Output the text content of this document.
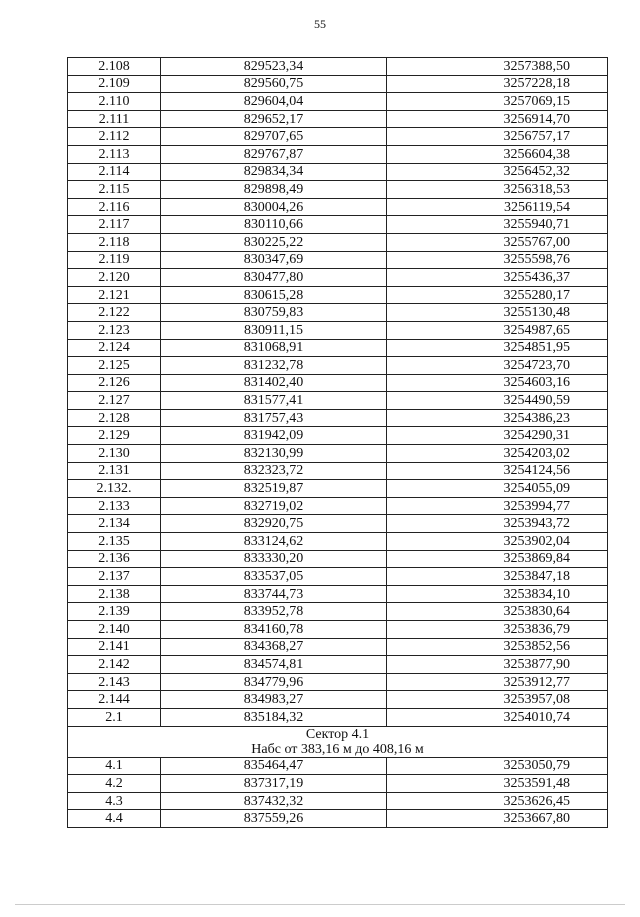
55
2.108	829523,34	3257388,50
2.109	829560,75	3257228,18
2.110	829604,04	3257069,15
2.111	829652,17	3256914,70
2.112	829707,65	3256757,17
2.113	829767,87	3256604,38
2.114	829834,34	3256452,32
2.115	829898,49	3256318,53
2.116	830004,26	3256119,54
2.117	830110,66	3255940,71
2.118	830225,22	3255767,00
2.119	830347,69	3255598,76
2.120	830477,80	3255436,37
2.121	830615,28	3255280,17
2.122	830759,83	3255130,48
2.123	830911,15	3254987,65
2.124	831068,91	3254851,95
2.125	831232,78	3254723,70
2.126	831402,40	3254603,16
2.127	831577,41	3254490,59
2.128	831757,43	3254386,23
2.129	831942,09	3254290,31
2.130	832130,99	3254203,02
2.131	832323,72	3254124,56
2.132.	832519,87	3254055,09
2.133	832719,02	3253994,77
2.134	832920,75	3253943,72
2.135	833124,62	3253902,04
2.136	833330,20	3253869,84
2.137	833537,05	3253847,18
2.138	833744,73	3253834,10
2.139	833952,78	3253830,64
2.140	834160,78	3253836,79
2.141	834368,27	3253852,56
2.142	834574,81	3253877,90
2.143	834779,96	3253912,77
2.144	834983,27	3253957,08
2.1	835184,32	3254010,74

Сектор 4.1
Набс от 383,16 м до 408,16 м		

4.1	835464,47	3253050,79
4.2	837317,19	3253591,48
4.3	837432,32	3253626,45
4.4	837559,26	3253667,80
